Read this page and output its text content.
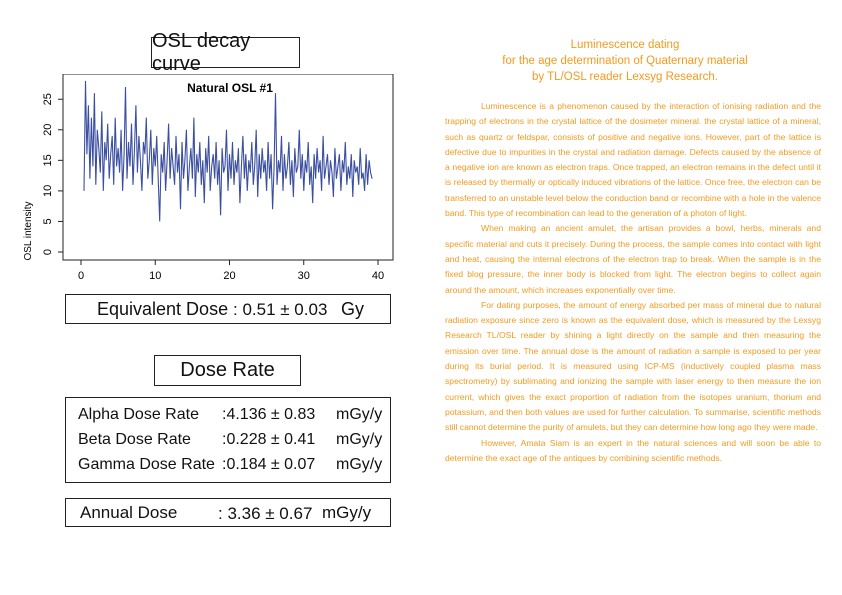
OSL decay curve
Natural OSL #1
OSL intensity
0	10	20	30	40
0
5
10
15
20
25
Equivalent Dose : 0.51 ± 0.03 Gy
Dose Rate
Alpha Dose Rate :4.136 ± 0.83 mGy/y
Beta Dose Rate :0.228 ± 0.41 mGy/y
Gamma Dose Rate :0.184 ± 0.07 mGy/y
Annual Dose : 3.36 ± 0.67 mGy/y
Luminescence dating
for the age determination of Quaternary material
by TL/OSL reader Lexsyg Research.

Luminescence is a phenomenon caused by the interaction of ionising radiation and the trapping of electrons in the crystal lattice of the dosimeter mineral. the crystal lattice of a mineral, such as quartz or feldspar, consists of positive and negative ions. However, part of the lattice is defective due to impurities in the crystal and radiation damage. Defects caused by the absence of a negative ion are known as electron traps. Once trapped, an electron remains in the defect until it is released by thermally or optically induced vibrations of the lattice. Once free, the electron can be transferred to an unstable level below the conduction band or recombine with a hole in the valence band. This type of recombination can lead to the generation of a photon of light.

When making an ancient amulet, the artisan provides a bowl, herbs, minerals and specific material and cuts it precisely. During the process, the sample comes into contact with light and heat, causing the internal electrons of the electron trap to break. When the sample is in the fixed blog pressure, the inner body is blocked from light. The electron begins to collect again around the amount, which increases exponentially over time.

For dating purposes, the amount of energy absorbed per mass of mineral due to natural radiation exposure since zero is known as the equivalent dose, which is measured by the Lexsyg Research TL/OSL reader by shining a light directly on the sample and then measuring the emission over time. The annual dose is the amount of radiation a sample is exposed to per year during its burial period. It is measured using ICP-MS (inductively coupled plasma mass spectrometry) by sublimating and ionizing the sample with laser energy to then measure the ion current, which gives the exact proportion of radiation from the isotopes uranium, thorium and potassium, and then both values are used for further calculation. To summarise, scientific methods still cannot determine the purity of amulets, but they can determine how long ago they were made.

However, Amata Siam is an expert in the natural sciences and will soon be able to determine the exact age of the antiques by combining scientific methods.
